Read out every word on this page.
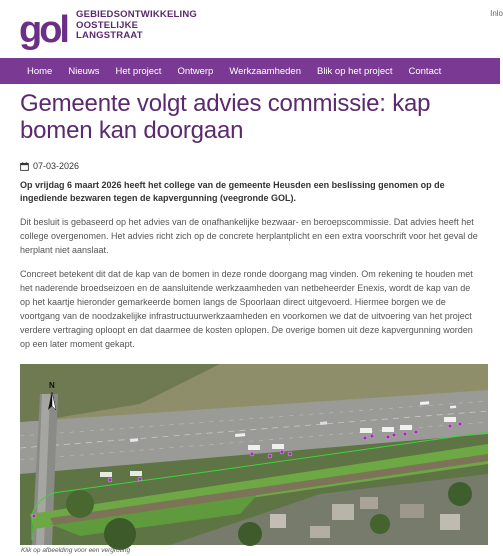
gol GEBIEDSONTWIKKELING
OOSTELIJKE
LANGSTRAAT
Inlo
Home	Nieuws	Het project	Ontwerp	Werkzaamheden	Blik op het project	Contact
Gemeente volgt advies commissie: kap bomen kan doorgaan
07-03-2026
Op vrijdag 6 maart 2026 heeft het college van de gemeente Heusden een beslissing genomen op de ingediende bezwaren tegen de kapvergunning (veegronde GOL).

Dit besluit is gebaseerd op het advies van de onafhankelijke bezwaar- en beroepscommissie. Dat advies heeft het college overgenomen. Het advies richt zich op de concrete herplantplicht en een extra voorschrift voor het geval de herplant niet aanslaat.

Concreet betekent dit dat de kap van de bomen in deze ronde doorgang mag vinden. Om rekening te houden met het naderende broedseizoen en de aansluitende werkzaamheden van netbeheerder Enexis, wordt de kap van de op het kaartje hieronder gemarkeerde bomen langs de Spoorlaan direct uitgevoerd. Hiermee borgen we de voortgang van de noodzakelijke infrastructuurwerkzaamheden en voorkomen we dat de uitvoering van het project verdere vertraging oploopt en dat daarmee de kosten oplopen. De overige bomen uit deze kapvergunning worden op een later moment gekapt.

N
Klik op afbeelding voor een vergroting
